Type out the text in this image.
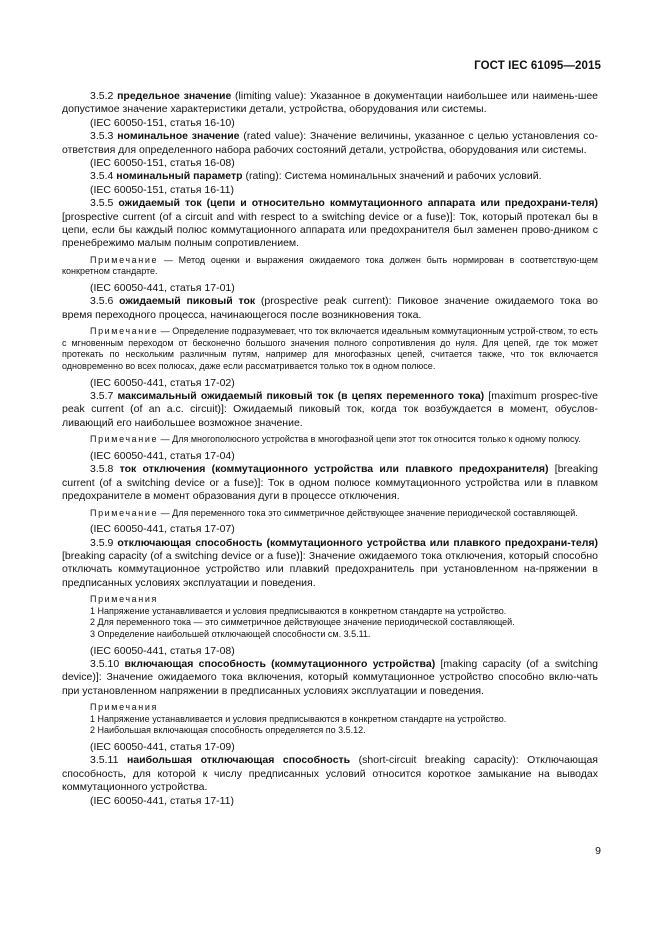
ГОСТ IEC 61095—2015

3.5.2 предельное значение (limiting value): Указанное в документации наибольшее или наимень-шее допустимое значение характеристики детали, устройства, оборудования или системы.

(IEC 60050-151, статья 16-10)

3.5.3 номинальное значение (rated value): Значение величины, указанное с целью установления со-ответствия для определенного набора рабочих состояний детали, устройства, оборудования или системы.

(IEC 60050-151, статья 16-08)

3.5.4 номинальный параметр (rating): Система номинальных значений и рабочих условий.

(IEC 60050-151, статья 16-11)

3.5.5 ожидаемый ток (цепи и относительно коммутационного аппарата или предохрани-теля) [prospective current (of a circuit and with respect to a switching device or a fuse)]: Ток, который протекал бы в цепи, если бы каждый полюс коммутационного аппарата или предохранителя был заменен прово-дником с пренебрежимо малым полным сопротивлением.

Примечание — Метод оценки и выражения ожидаемого тока должен быть нормирован в соответствую-щем конкретном стандарте.

(IEC 60050-441, статья 17-01)

3.5.6 ожидаемый пиковый ток (prospective peak current): Пиковое значение ожидаемого тока во время переходного процесса, начинающегося после возникновения тока.

Примечание — Определение подразумевает, что ток включается идеальным коммутационным устрой-ством, то есть с мгновенным переходом от бесконечно большого значения полного сопротивления до нуля. Для цепей, где ток может протекать по нескольким различным путям, например для многофазных цепей, считается также, что ток включается одновременно во всех полюсах, даже если рассматривается только ток в одном полюсе.

(IEC 60050-441, статья 17-02)

3.5.7 максимальный ожидаемый пиковый ток (в цепях переменного тока) [maximum prospec-tive peak current (of an a.c. circuit)]: Ожидаемый пиковый ток, когда ток возбуждается в момент, обуслов-ливающий его наибольшее возможное значение.

Примечание — Для многополюсного устройства в многофазной цепи этот ток относится только к одному полюсу.

(IEC 60050-441, статья 17-04)

3.5.8 ток отключения (коммутационного устройства или плавкого предохранителя) [breaking current (of a switching device or a fuse)]: Ток в одном полюсе коммутационного устройства или в плавком предохранителе в момент образования дуги в процессе отключения.

Примечание — Для переменного тока это симметричное действующее значение периодической составляющей.

(IEC 60050-441, статья 17-07)

3.5.9 отключающая способность (коммутационного устройства или плавкого предохрани-теля) [breaking capacity (of a switching device or a fuse)]: Значение ожидаемого тока отключения, который способно отключать коммутационное устройство или плавкий предохранитель при установленном на-пряжении в предписанных условиях эксплуатации и поведения.

Примечания

1 Напряжение устанавливается и условия предписываются в конкретном стандарте на устройство.

2 Для переменного тока — это симметричное действующее значение периодической составляющей.

3 Определение наибольшей отключающей способности см. 3.5.11.

(IEC 60050-441, статья 17-08)

3.5.10 включающая способность (коммутационного устройства) [making capacity (of a switching device)]: Значение ожидаемого тока включения, который коммутационное устройство способно вклю-чать при установленном напряжении в предписанных условиях эксплуатации и поведения.

Примечания

1 Напряжение устанавливается и условия предписываются в конкретном стандарте на устройство.

2 Наибольшая включающая способность определяется по 3.5.12.

(IEC 60050-441, статья 17-09)

3.5.11 наибольшая отключающая способность (short-circuit breaking capacity): Отключающая способность, для которой к числу предписанных условий относится короткое замыкание на выводах коммутационного устройства.

(IEC 60050-441, статья 17-11)

9
